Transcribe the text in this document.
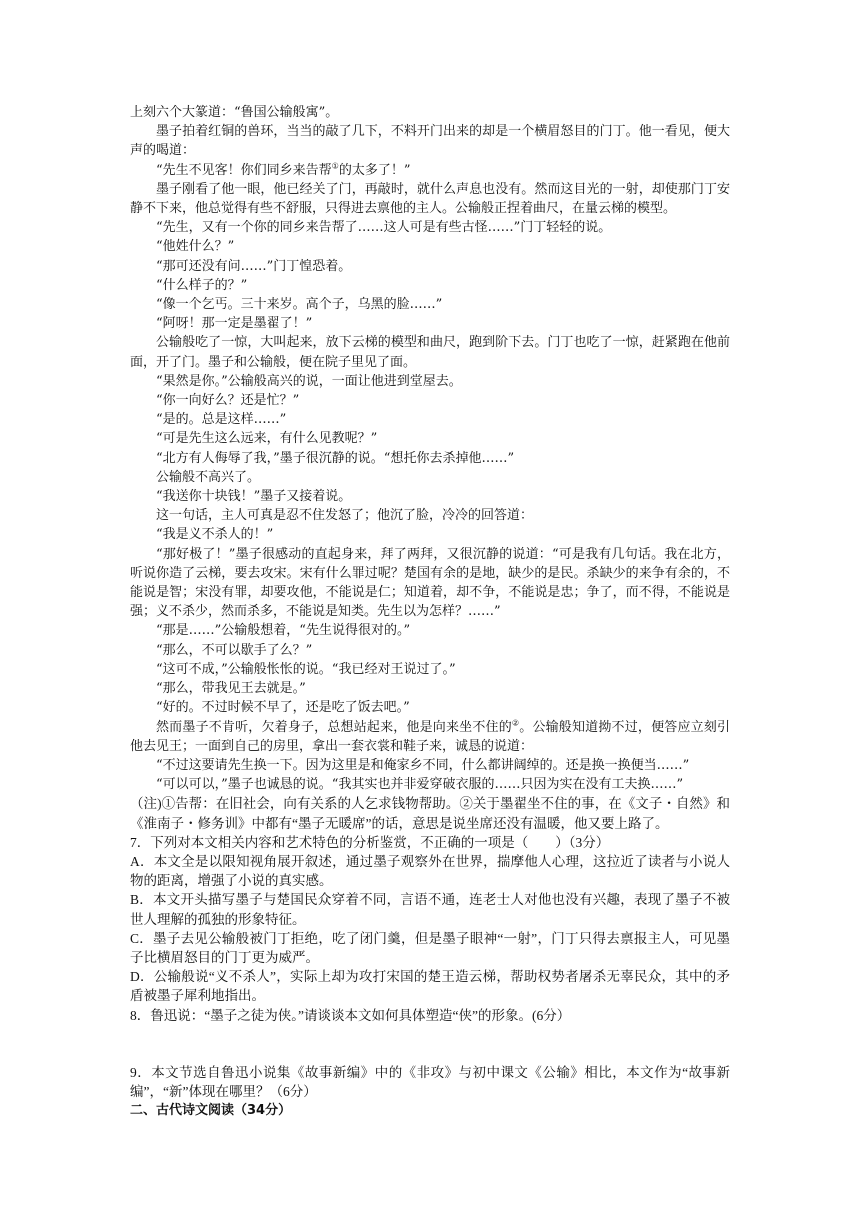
上刻六个大篆道：“鲁国公输般寓”。

墨子拍着红铜的兽环，当当的敲了几下，不料开门出来的却是一个横眉怒目的门丁。他一看见，便大声的喝道：

“先生不见客！你们同乡来告帮①的太多了！”

墨子刚看了他一眼，他已经关了门，再敲时，就什么声息也没有。然而这目光的一射，却使那门丁安静不下来，他总觉得有些不舒服，只得进去禀他的主人。公输般正捏着曲尺，在量云梯的模型。

“先生，又有一个你的同乡来告帮了……这人可是有些古怪……”门丁轻轻的说。

“他姓什么？”

“那可还没有问……”门丁惶恐着。

“什么样子的？”

“像一个乞丐。三十来岁。高个子，乌黑的脸……”

“阿呀！那一定是墨翟了！”

公输般吃了一惊，大叫起来，放下云梯的模型和曲尺，跑到阶下去。门丁也吃了一惊，赶紧跑在他前面，开了门。墨子和公输般，便在院子里见了面。

“果然是你。”公输般高兴的说，一面让他进到堂屋去。

“你一向好么？还是忙？”

“是的。总是这样……”

“可是先生这么远来，有什么见教呢？”

“北方有人侮辱了我，”墨子很沉静的说。“想托你去杀掉他……”

公输般不高兴了。

“我送你十块钱！”墨子又接着说。

这一句话，主人可真是忍不住发怒了；他沉了脸，冷冷的回答道：

“我是义不杀人的！”

“那好极了！”墨子很感动的直起身来，拜了两拜，又很沉静的说道：“可是我有几句话。我在北方，听说你造了云梯，要去攻宋。宋有什么罪过呢？楚国有余的是地，缺少的是民。杀缺少的来争有余的，不能说是智；宋没有罪，却要攻他，不能说是仁；知道着，却不争，不能说是忠；争了，而不得，不能说是强；义不杀少，然而杀多，不能说是知类。先生以为怎样？……”

“那是……”公输般想着，“先生说得很对的。”

“那么，不可以歇手了么？”

“这可不成，”公输般怅怅的说。“我已经对王说过了。”

“那么，带我见王去就是。”

“好的。不过时候不早了，还是吃了饭去吧。”

然而墨子不肯听，欠着身子，总想站起来，他是向来坐不住的②。公输般知道拗不过，便答应立刻引他去见王；一面到自己的房里，拿出一套衣裳和鞋子来，诚恳的说道：

“不过这要请先生换一下。因为这里是和俺家乡不同，什么都讲阔绰的。还是换一换便当……”

“可以可以，”墨子也诚恳的说。“我其实也并非爱穿破衣服的……只因为实在没有工夫换……”

（注)①告帮：在旧社会，向有关系的人乞求钱物帮助。②关于墨翟坐不住的事，在《文子・自然》和《淮南子・修务训》中都有“墨子无暖席”的话，意思是说坐席还没有温暖，他又要上路了。

7．下列对本文相关内容和艺术特色的分析鉴赏，不正确的一项是（　　）（3分）

A．本文全是以限知视角展开叙述，通过墨子观察外在世界，揣摩他人心理，这拉近了读者与小说人物的距离，增强了小说的真实感。

B．本文开头描写墨子与楚国民众穿着不同，言语不通，连老士人对他也没有兴趣，表现了墨子不被世人理解的孤独的形象特征。

C．墨子去见公输般被门丁拒绝，吃了闭门羹，但是墨子眼神“一射”，门丁只得去禀报主人，可见墨子比横眉怒目的门丁更为威严。

D．公输般说“义不杀人”，实际上却为攻打宋国的楚王造云梯，帮助权势者屠杀无辜民众，其中的矛盾被墨子犀利地指出。

8．鲁迅说：“墨子之徒为侠。”请谈谈本文如何具体塑造“侠”的形象。(6分）

9．本文节选自鲁迅小说集《故事新编》中的《非攻》与初中课文《公输》相比，本文作为“故事新编”，“新”体现在哪里？（6分）

二、古代诗文阅读（34分）
